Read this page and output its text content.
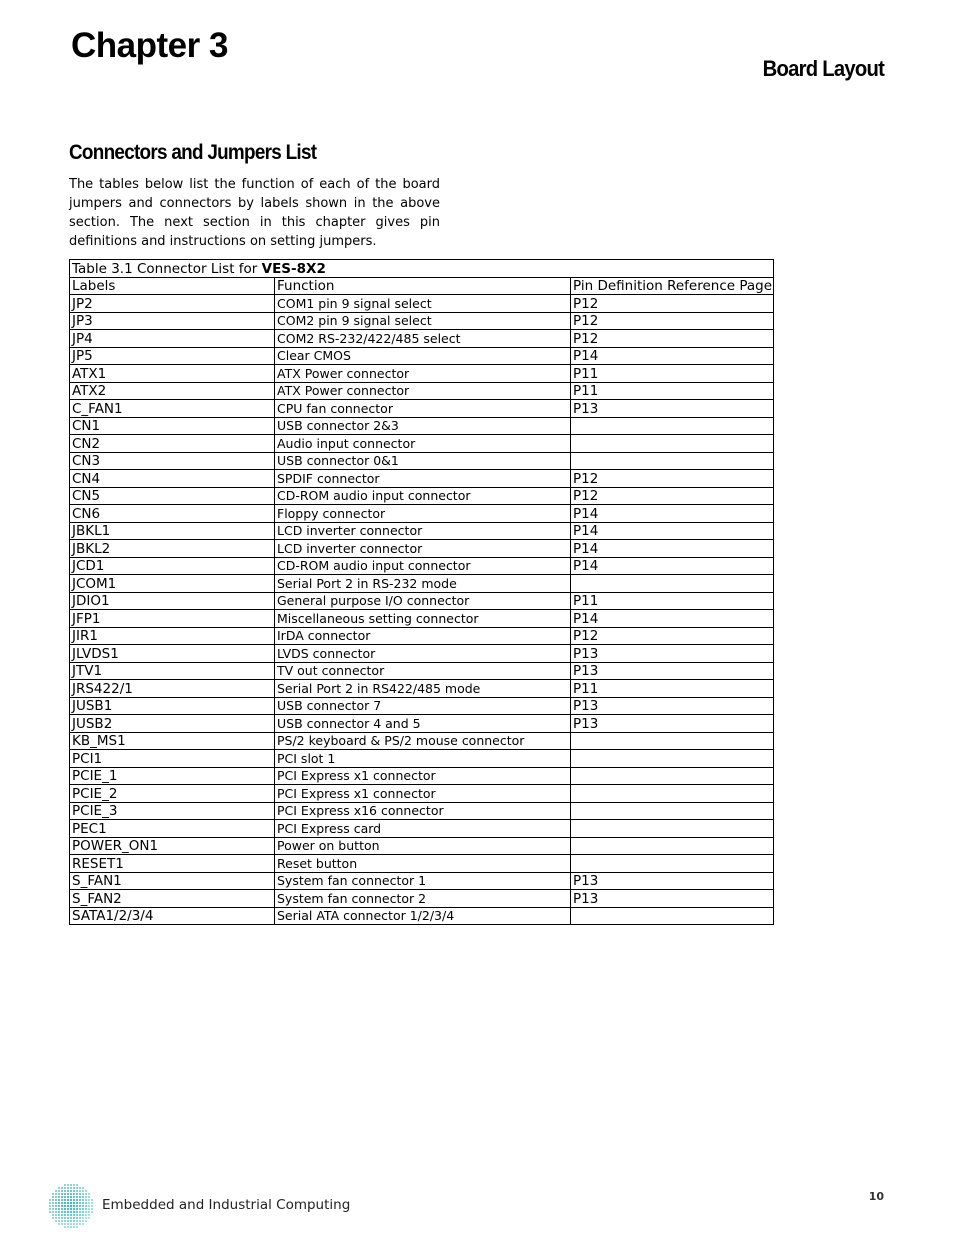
Chapter 3
Board Layout
Connectors and Jumpers List

The tables below list the function of each of the board jumpers and connectors by labels shown in the above section. The next section in this chapter gives pin definitions and instructions on setting jumpers.

Table 3.1 Connector List for VES-8X2		
Labels	Function	Pin Definition Reference Page
JP2	COM1 pin 9 signal select	P12
JP3	COM2 pin 9 signal select	P12
JP4	COM2 RS-232/422/485 select	P12
JP5	Clear CMOS	P14
ATX1	ATX Power connector	P11
ATX2	ATX Power connector	P11
C_FAN1	CPU fan connector	P13
CN1	USB connector 2&3	
CN2	Audio input connector	
CN3	USB connector 0&1	
CN4	SPDIF connector	P12
CN5	CD-ROM audio input connector	P12
CN6	Floppy connector	P14
JBKL1	LCD inverter connector	P14
JBKL2	LCD inverter connector	P14
JCD1	CD-ROM audio input connector	P14
JCOM1	Serial Port 2 in RS-232 mode	
JDIO1	General purpose I/O connector	P11
JFP1	Miscellaneous setting connector	P14
JIR1	IrDA connector	P12
JLVDS1	LVDS connector	P13
JTV1	TV out connector	P13
JRS422/1	Serial Port 2 in RS422/485 mode	P11
JUSB1	USB connector 7	P13
JUSB2	USB connector 4 and 5	P13
KB_MS1	PS/2 keyboard & PS/2 mouse connector	
PCI1	PCI slot 1	
PCIE_1	PCI Express x1 connector	
PCIE_2	PCI Express x1 connector	
PCIE_3	PCI Express x16 connector	
PEC1	PCI Express card	
POWER_ON1	Power on button	
RESET1	Reset button	
S_FAN1	System fan connector 1	P13
S_FAN2	System fan connector 2	P13
SATA1/2/3/4	Serial ATA connector 1/2/3/4	
Embedded and Industrial Computing
10
